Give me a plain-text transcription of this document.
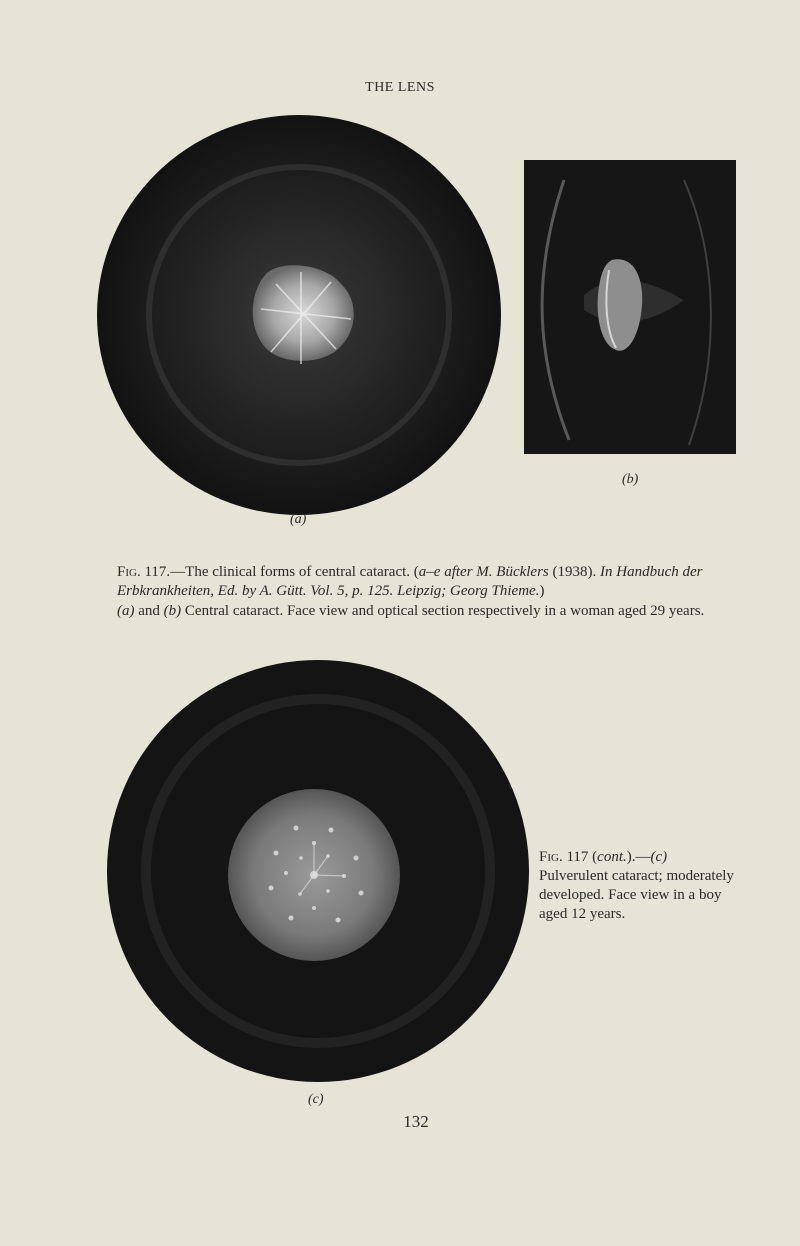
THE LENS
(a)
(b)
Fig. 117.—The clinical forms of central cataract. (a–e after M. Bücklers (1938). In Handbuch der Erbkrankheiten, Ed. by A. Gütt. Vol. 5, p. 125. Leipzig; Georg Thieme.)
(a) and (b) Central cataract. Face view and optical section respectively in a woman aged 29 years.
(c)
Fig. 117 (cont.).—(c) Pulverulent cataract; moderately developed. Face view in a boy aged 12 years.
132
